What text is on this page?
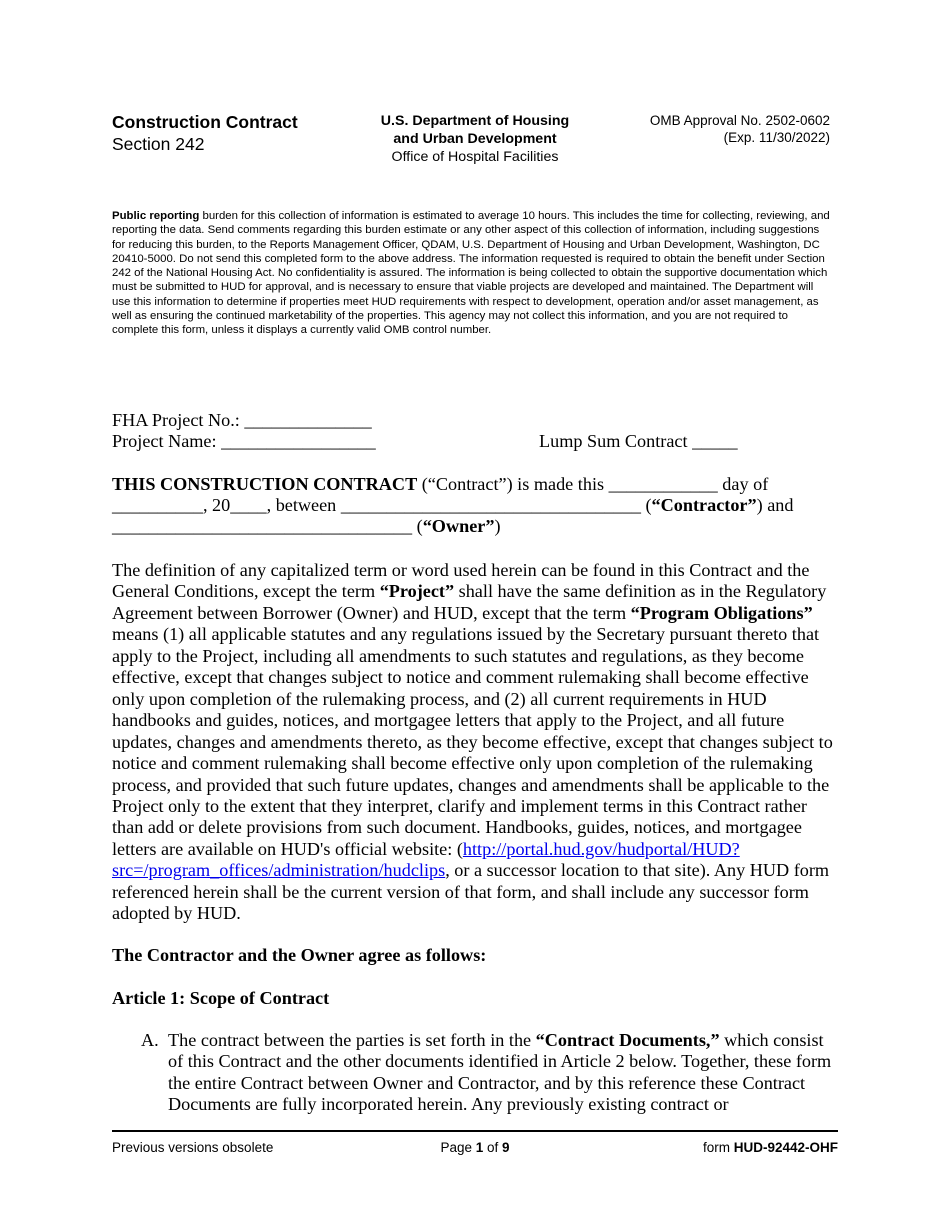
Construction Contract
Section 242
U.S. Department of Housing
and Urban Development
Office of Hospital Facilities
OMB Approval No. 2502-0602
(Exp. 11/30/2022)
Public reporting burden for this collection of information is estimated to average 10 hours. This includes the time for collecting, reviewing, and reporting the data. Send comments regarding this burden estimate or any other aspect of this collection of information, including suggestions for reducing this burden, to the Reports Management Officer, QDAM, U.S. Department of Housing and Urban Development, Washington, DC 20410-5000. Do not send this completed form to the above address. The information requested is required to obtain the benefit under Section 242 of the National Housing Act. No confidentiality is assured. The information is being collected to obtain the supportive documentation which must be submitted to HUD for approval, and is necessary to ensure that viable projects are developed and maintained. The Department will use this information to determine if properties meet HUD requirements with respect to development, operation and/or asset management, as well as ensuring the continued marketability of the properties. This agency may not collect this information, and you are not required to complete this form, unless it displays a currently valid OMB control number.
FHA Project No.: ______________
Project Name: _________________	Lump Sum Contract _____
THIS CONSTRUCTION CONTRACT (“Contract”) is made this ____________ day of
__________, 20____, between _________________________________ (“Contractor”) and
_________________________________ (“Owner”)
The definition of any capitalized term or word used herein can be found in this Contract and the General Conditions, except the term “Project” shall have the same definition as in the Regulatory Agreement between Borrower (Owner) and HUD, except that the term “Program Obligations” means (1) all applicable statutes and any regulations issued by the Secretary pursuant thereto that apply to the Project, including all amendments to such statutes and regulations, as they become effective, except that changes subject to notice and comment rulemaking shall become effective only upon completion of the rulemaking process, and (2) all current requirements in HUD handbooks and guides, notices, and mortgagee letters that apply to the Project, and all future updates, changes and amendments thereto, as they become effective, except that changes subject to notice and comment rulemaking shall become effective only upon completion of the rulemaking process, and provided that such future updates, changes and amendments shall be applicable to the Project only to the extent that they interpret, clarify and implement terms in this Contract rather than add or delete provisions from such document. Handbooks, guides, notices, and mortgagee letters are available on HUD's official website: (http://portal.hud.gov/hudportal/HUD?src=/program_offices/administration/hudclips, or a successor location to that site). Any HUD form referenced herein shall be the current version of that form, and shall include any successor form adopted by HUD.
The Contractor and the Owner agree as follows:
Article 1: Scope of Contract
A. The contract between the parties is set forth in the “Contract Documents,” which consist of this Contract and the other documents identified in Article 2 below. Together, these form the entire Contract between Owner and Contractor, and by this reference these Contract Documents are fully incorporated herein. Any previously existing contract or
Previous versions obsolete	Page 1 of 9	form HUD-92442-OHF
